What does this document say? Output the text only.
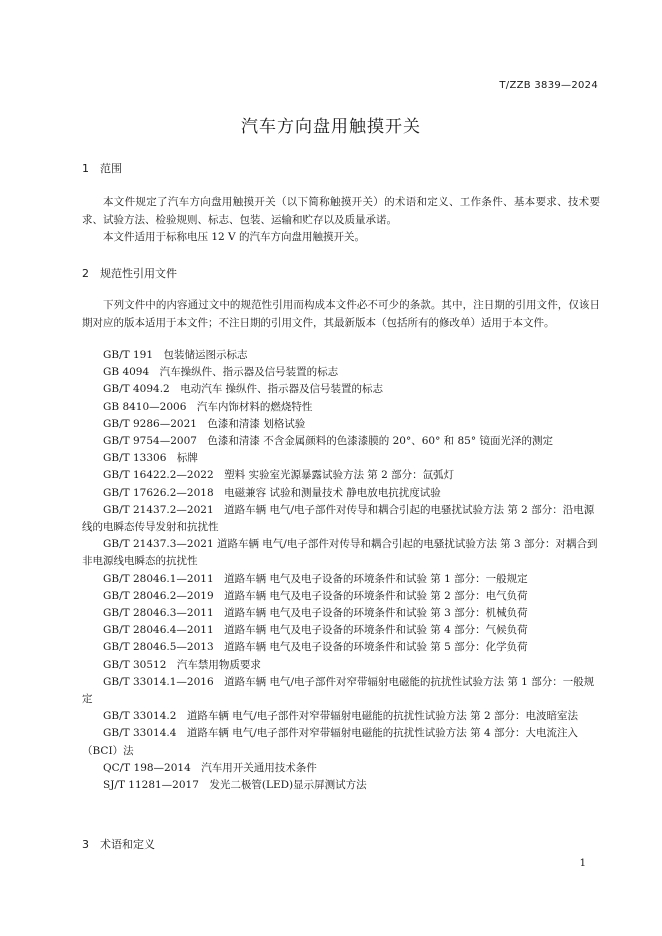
T/ZZB 3839—2024
汽车方向盘用触摸开关
1 范围

本文件规定了汽车方向盘用触摸开关（以下简称触摸开关）的术语和定义、工作条件、基本要求、技术要求、试验方法、检验规则、标志、包装、运输和贮存以及质量承诺。

本文件适用于标称电压 12 V 的汽车方向盘用触摸开关。

2 规范性引用文件

下列文件中的内容通过文中的规范性引用而构成本文件必不可少的条款。其中，注日期的引用文件，仅该日期对应的版本适用于本文件；不注日期的引用文件，其最新版本（包括所有的修改单）适用于本文件。

GB/T 191　包装储运图示标志

GB 4094　汽车操纵件、指示器及信号装置的标志

GB/T 4094.2　电动汽车 操纵件、指示器及信号装置的标志

GB 8410—2006　汽车内饰材料的燃烧特性

GB/T 9286—2021　色漆和清漆 划格试验

GB/T 9754—2007　色漆和清漆 不含金属颜料的色漆漆膜的 20°、60° 和 85° 镜面光泽的测定

GB/T 13306　标牌

GB/T 16422.2—2022　塑料 实验室光源暴露试验方法 第 2 部分：氙弧灯

GB/T 17626.2—2018　电磁兼容 试验和测量技术 静电放电抗扰度试验

GB/T 21437.2—2021　道路车辆 电气/电子部件对传导和耦合引起的电骚扰试验方法 第 2 部分：沿电源线的电瞬态传导发射和抗扰性

GB/T 21437.3—2021 道路车辆 电气/电子部件对传导和耦合引起的电骚扰试验方法 第 3 部分：对耦合到非电源线电瞬态的抗扰性

GB/T 28046.1—2011　道路车辆 电气及电子设备的环境条件和试验 第 1 部分：一般规定

GB/T 28046.2—2019　道路车辆 电气及电子设备的环境条件和试验 第 2 部分：电气负荷

GB/T 28046.3—2011　道路车辆 电气及电子设备的环境条件和试验 第 3 部分：机械负荷

GB/T 28046.4—2011　道路车辆 电气及电子设备的环境条件和试验 第 4 部分：气候负荷

GB/T 28046.5—2013　道路车辆 电气及电子设备的环境条件和试验 第 5 部分：化学负荷

GB/T 30512　汽车禁用物质要求

GB/T 33014.1—2016　道路车辆 电气/电子部件对窄带辐射电磁能的抗扰性试验方法 第 1 部分：一般规定

GB/T 33014.2　道路车辆 电气/电子部件对窄带辐射电磁能的抗扰性试验方法 第 2 部分：电波暗室法

GB/T 33014.4　道路车辆 电气/电子部件对窄带辐射电磁能的抗扰性试验方法 第 4 部分：大电流注入（BCI）法

QC/T 198—2014　汽车用开关通用技术条件

SJ/T 11281—2017　发光二极管(LED)显示屏测试方法

3 术语和定义
1
